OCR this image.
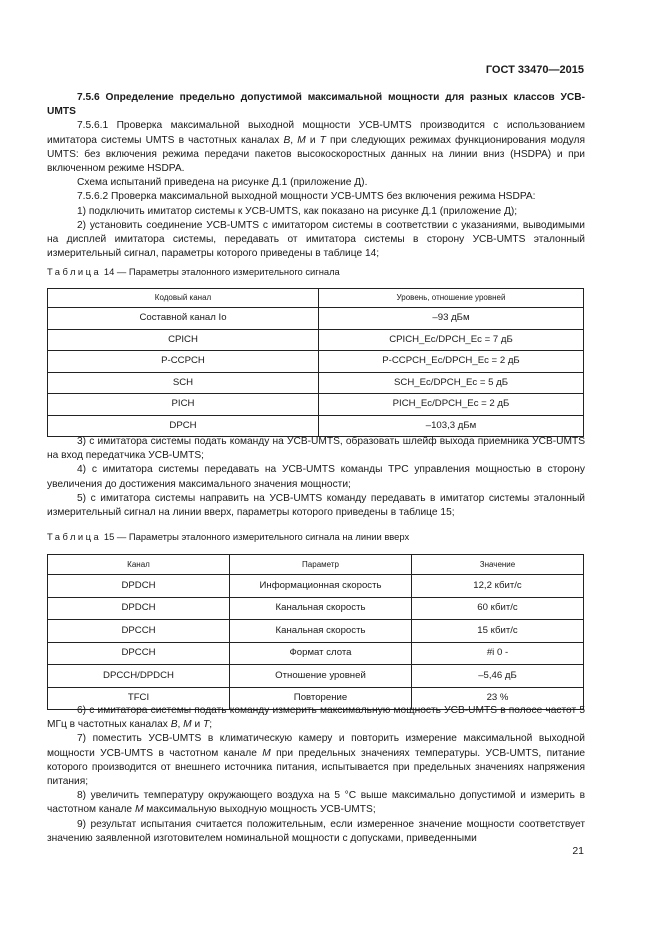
ГОСТ 33470—2015

7.5.6 Определение предельно допустимой максимальной мощности для разных классов УСВ-UMTS

7.5.6.1 Проверка максимальной выходной мощности УСВ-UMTS производится с использованием имитатора системы UMTS в частотных каналах B, M и T при следующих режимах функционирования модуля UMTS: без включения режима передачи пакетов высокоскоростных данных на линии вниз (HSDPA) и при включенном режиме HSDPA.

Схема испытаний приведена на рисунке Д.1 (приложение Д).

7.5.6.2 Проверка максимальной выходной мощности УСВ-UMTS без включения режима HSDPA:

1) подключить имитатор системы к УСВ-UMTS, как показано на рисунке Д.1 (приложение Д);

2) установить соединение УСВ-UMTS с имитатором системы в соответствии с указаниями, выводимыми на дисплей имитатора системы, передавать от имитатора системы в сторону УСВ-UMTS эталонный измерительный сигнал, параметры которого приведены в таблице 14;

Таблица 14 — Параметры эталонного измерительного сигнала

Кодовый канал	Уровень, отношение уровней
Составной канал Iо	–93 дБм
CPICH	CPICH_Ec/DPCH_Ec = 7 дБ
P-CCPCH	P-CCPCH_Ec/DPCH_Ec = 2 дБ
SCH	SCH_Ec/DPCH_Ec = 5 дБ
PICH	PICH_Ec/DPCH_Ec = 2 дБ
DPCH	–103,3 дБм

3) с имитатора системы подать команду на УСВ-UMTS, образовать шлейф выхода приемника УСВ-UMTS на вход передатчика УСВ-UMTS;

4) с имитатора системы передавать на УСВ-UMTS команды TPC управления мощностью в сторону увеличения до достижения максимального значения мощности;

5) с имитатора системы направить на УСВ-UMTS команду передавать в имитатор системы эталонный измерительный сигнал на линии вверх, параметры которого приведены в таблице 15;

Таблица 15 — Параметры эталонного измерительного сигнала на линии вверх

Канал	Параметр	Значение
DPDCH	Информационная скорость	12,2 кбит/с
DPDCH	Канальная скорость	60 кбит/с
DPCCH	Канальная скорость	15 кбит/с
DPCCH	Формат слота	#i 0 -
DPCCH/DPDCH	Отношение уровней	–5,46 дБ
TFCI	Повторение	23 %

6) с имитатора системы подать команду измерить максимальную мощность УСВ-UMTS в полосе частот 5 МГц в частотных каналах B, M и T;

7) поместить УСВ-UMTS в климатическую камеру и повторить измерение максимальной выходной мощности УСВ-UMTS в частотном канале M при предельных значениях температуры. УСВ-UMTS, питание которого производится от внешнего источника питания, испытывается при предельных значениях напряжения питания;

8) увеличить температуру окружающего воздуха на 5 °С выше максимально допустимой и измерить в частотном канале M максимальную выходную мощность УСВ-UMTS;

9) результат испытания считается положительным, если измеренное значение мощности соответствует значению заявленной изготовителем номинальной мощности с допусками, приведенными

21
